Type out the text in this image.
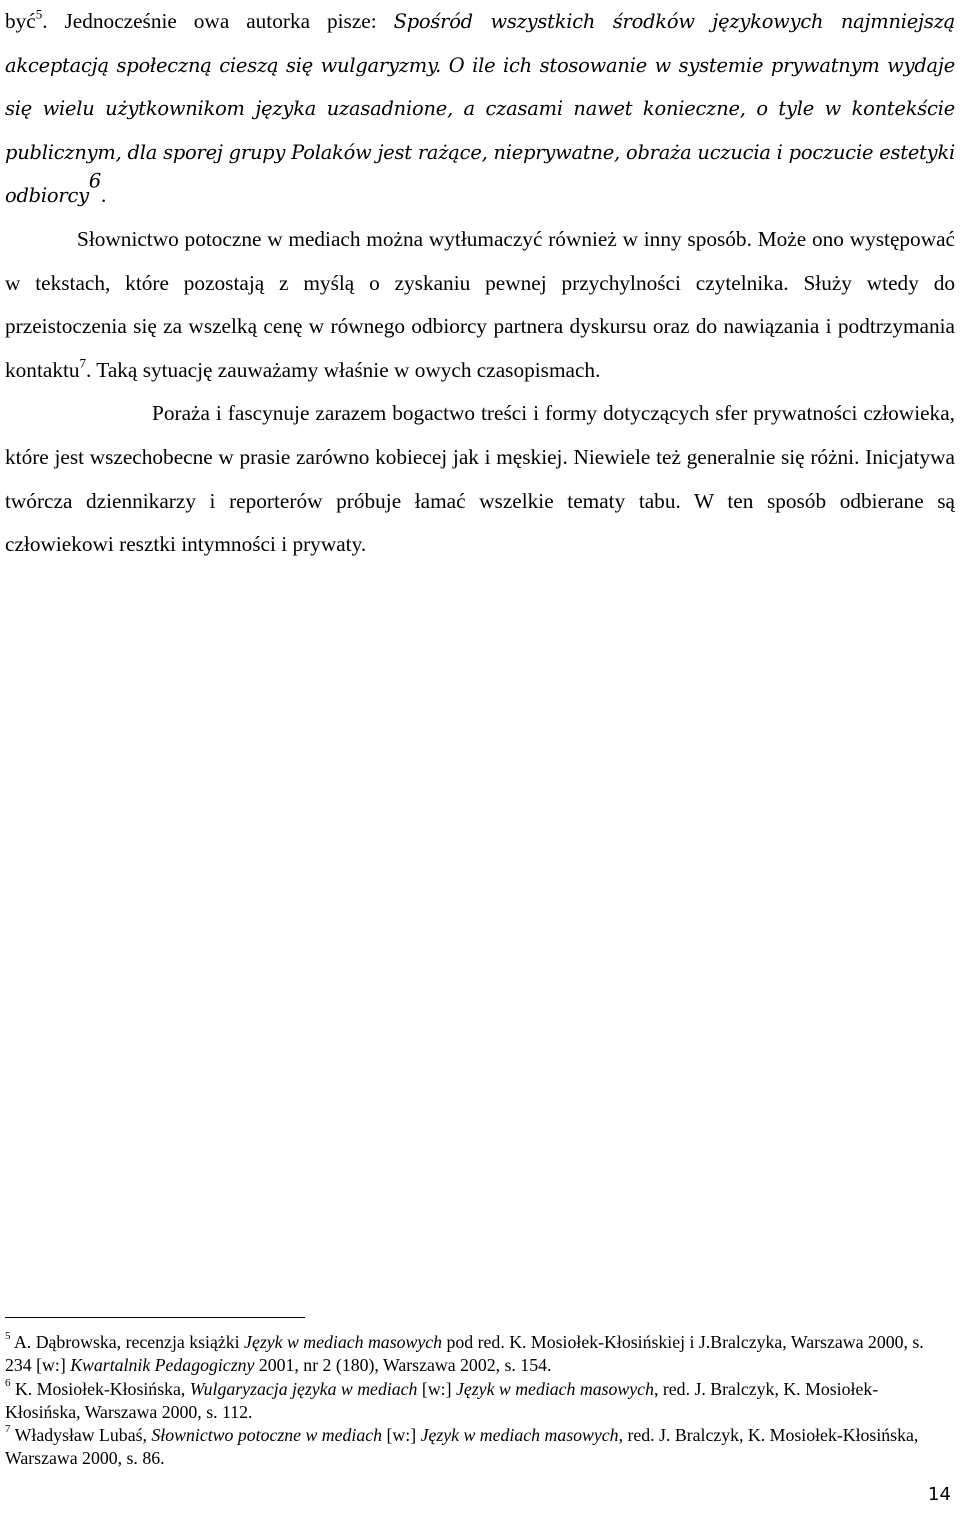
być$^5$. Jednocześnie owa autorka pisze: Spośród wszystkich środków językowych najmniejszą akceptacją społeczną cieszą się wulgaryzmy. O ile ich stosowanie w systemie prywatnym wydaje się wielu użytkownikom języka uzasadnione, a czasami nawet konieczne, o tyle w kontekście publicznym, dla sporej grupy Polaków jest rażące, nieprywatne, obraża uczucia i poczucie estetyki odbiorcy$^6$.

Słownictwo potoczne w mediach można wytłumaczyć również w inny sposób. Może ono występować w tekstach, które pozostają z myślą o zyskaniu pewnej przychylności czytelnika. Służy wtedy do przeistoczenia się za wszelką cenę w równego odbiorcy partnera dyskursu oraz do nawiązania i podtrzymania kontaktu$^7$. Taką sytuację zauważamy właśnie w owych czasopismach.

Poraża i fascynuje zarazem bogactwo treści i formy dotyczących sfer prywatności człowieka, które jest wszechobecne w prasie zarówno kobiecej jak i męskiej. Niewiele też generalnie się różni. Inicjatywa twórcza dziennikarzy i reporterów próbuje łamać wszelkie tematy tabu. W ten sposób odbierane są człowiekowi resztki intymności i prywaty.

$^5$ A. Dąbrowska, recenzja książki Język w mediach masowych pod red. K. Mosiołek-Kłosińskiej i J.Bralczyka, Warszawa 2000, s. 234 [w:] Kwartalnik Pedagogiczny 2001, nr 2 (180), Warszawa 2002, s. 154.

$^6$ K. Mosiołek-Kłosińska, Wulgaryzacja języka w mediach [w:] Język w mediach masowych, red. J. Bralczyk, K. Mosiołek-Kłosińska, Warszawa 2000, s. 112.

$^7$ Władysław Lubaś, Słownictwo potoczne w mediach [w:] Język w mediach masowych, red. J. Bralczyk, K. Mosiołek-Kłosińska, Warszawa 2000, s. 86.

14
